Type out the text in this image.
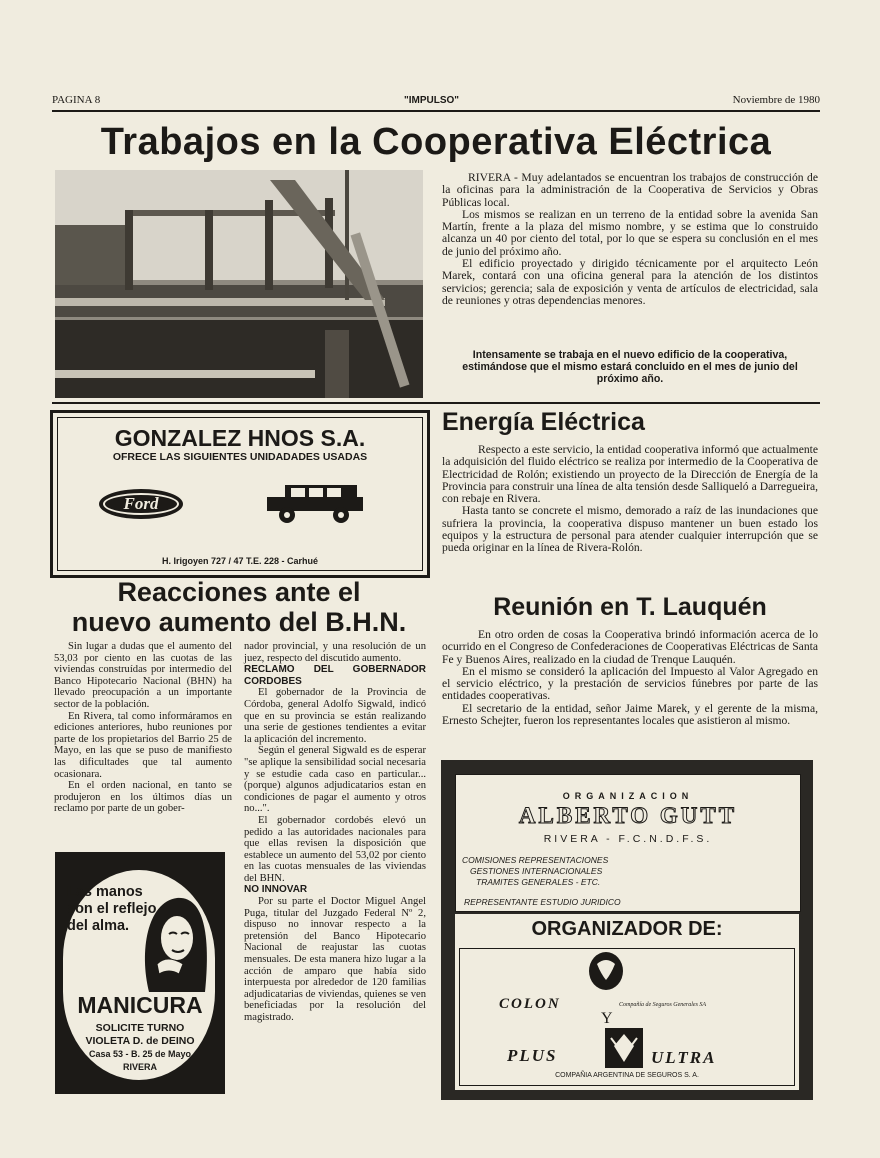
PAGINA 8	"IMPULSO"	Noviembre de 1980
Trabajos en la Cooperativa Eléctrica

RIVERA - Muy adelantados se encuentran los trabajos de construcción de la oficinas para la administración de la Cooperativa de Servicios y Obras Públicas local.

Los mismos se realizan en un terreno de la entidad sobre la avenida San Martín, frente a la plaza del mismo nombre, y se estima que lo construido alcanza un 40 por ciento del total, por lo que se espera su conclusión en el mes de junio del próximo año.

El edificio proyectado y dirigido técnicamente por el arquitecto León Marek, contará con una oficina general para la atención de los distintos servicios; gerencia; sala de exposición y venta de artículos de electricidad, sala de reuniones y otras dependencias menores.

Intensamente se trabaja en el nuevo edificio de la cooperativa, estimándose que el mismo estará concluido en el mes de junio del próximo año.
GONZALEZ HNOS S.A.
OFRECE LAS SIGUIENTES UNIDADADES USADAS
Ford
H. Irigoyen 727 / 47 T.E. 228 - Carhué
Reacciones ante el
nuevo aumento del B.H.N.

Sin lugar a dudas que el aumento del 53,03 por ciento en las cuotas de las viviendas construídas por intermedio del Banco Hipotecario Nacional (BHN) ha llevado preocupación a un importante sector de la población.

En Rivera, tal como informáramos en ediciones anteriores, hubo reuniones por parte de los propietarios del Barrio 25 de Mayo, en las que se puso de manifiesto las dificultades que tal aumento ocasionara.

En el orden nacional, en tanto se produjeron en los últimos días un reclamo por parte de un gober-

nador provincial, y una resolución de un juez, respecto del discutido aumento.

RECLAMO DEL GOBERNADOR CORDOBES

El gobernador de la Provincia de Córdoba, general Adolfo Sigwald, indicó que en su provincia se están realizando una serie de gestiones tendientes a evitar la aplicación del incremento.

Según el general Sigwald es de esperar "se aplique la sensibilidad social necesaria y se estudie cada caso en particular... (porque) algunos adjudicatarios estan en condiciones de pagar el aumento y otros no...".

El gobernador cordobés elevó un pedido a las autoridades nacionales para que ellas revisen la disposición que establece un aumento del 53,02 por ciento en las cuotas mensuales de las viviendas del BHN.

NO INNOVAR

Por su parte el Doctor Miguel Angel Puga, titular del Juzgado Federal Nº 2, dispuso no innovar respecto a la pretensión del Banco Hipotecario Nacional de reajustar las cuotas mensuales. De esta manera hizo lugar a la acción de amparo que había sido interpuesta por alrededor de 120 familias adjudicatarias de viviendas, quienes se ven beneficiadas por la resolución del magistrado.

Las manos
son el reflejo
del alma.
MANICURA
SOLICITE TURNO
VIOLETA D. de DEINO
Casa 53 - B. 25 de Mayo
RIVERA
Energía Eléctrica

Respecto a este servicio, la entidad cooperativa informó que actualmente la adquisición del fluido eléctrico se realiza por intermedio de la Cooperativa de Electricidad de Rolón; existiendo un proyecto de la Dirección de Energía de la Provincia para construir una línea de alta tensión desde Salliqueló a Darregueira, con rebaje en Rivera.

Hasta tanto se concrete el mismo, demorado a raíz de las inundaciones que sufriera la provincia, la cooperativa dispuso mantener un buen estado los equipos y la estructura de personal para atender cualquier interrupción que se pueda originar en la línea de Rivera-Rolón.

Reunión en T. Lauquén

En otro orden de cosas la Cooperativa brindó información acerca de lo ocurrido en el Congreso de Confederaciones de Cooperativas Eléctricas de Santa Fe y Buenos Aires, realizado en la ciudad de Trenque Lauquén.

En el mismo se consideró la aplicación del Impuesto al Valor Agregado en el servicio eléctrico, y la prestación de servicios fúnebres por parte de las entidades cooperativas.

El secretario de la entidad, señor Jaime Marek, y el gerente de la misma, Ernesto Schejter, fueron los representantes locales que asistieron al mismo.

ORGANIZACION
ALBERTO GUTT
RIVERA - F.C.N.D.F.S.
COMISIONES REPRESENTACIONES
GESTIONES INTERNACIONALES
TRAMITES GENERALES - ETC.
REPRESENTANTE ESTUDIO JURIDICO
ORGANIZADOR DE:
COLON	Compañía de Seguros Generales SA
Y
PLUS	ULTRA
COMPAÑIA ARGENTINA DE SEGUROS S. A.
